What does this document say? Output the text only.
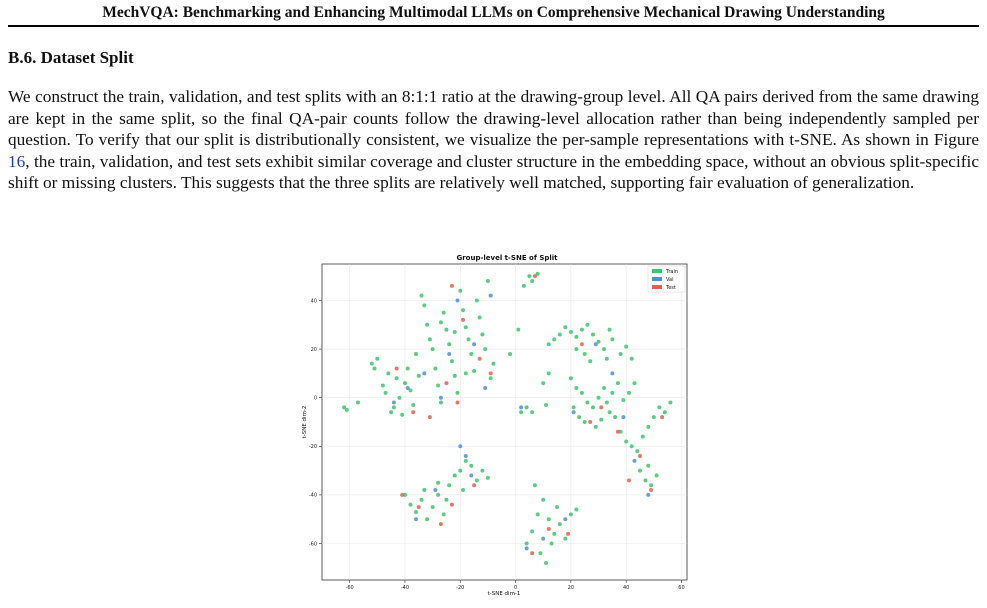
MechVQA: Benchmarking and Enhancing Multimodal LLMs on Comprehensive Mechanical Drawing Understanding
B.6. Dataset Split
We construct the train, validation, and test splits with an 8:1:1 ratio at the drawing-group level. All QA pairs derived from the same drawing are kept in the same split, so the final QA-pair counts follow the drawing-level allocation rather than being independently sampled per question. To verify that our split is distributionally consistent, we visualize the per-sample representations with t-SNE. As shown in Figure 16, the train, validation, and test sets exhibit similar coverage and cluster structure in the embedding space, without an obvious split-specific shift or missing clusters. This suggests that the three splits are relatively well matched, supporting fair evaluation of generalization.
Group-level t-SNE of Split
-60	-40	-20	0	20	40	60
-60
-40
-20
0
20
40
t-SNE dim-1
t-SNE dim-2
Train
Val
Test
